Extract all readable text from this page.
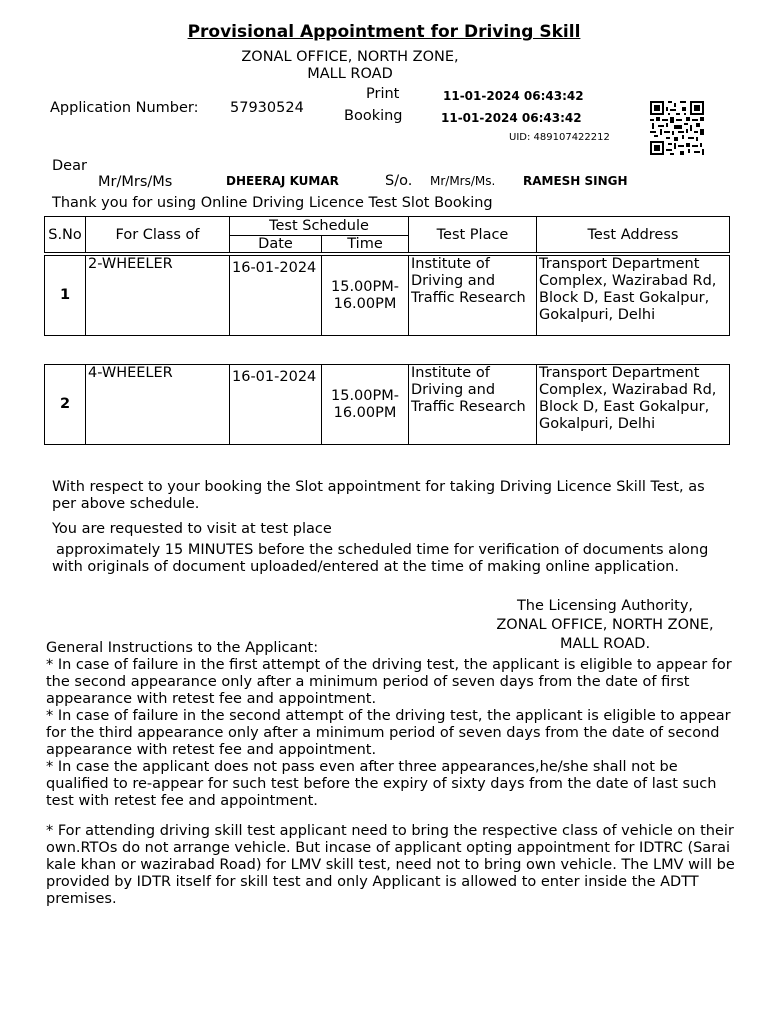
Provisional Appointment for Driving Skill
ZONAL OFFICE, NORTH ZONE,
MALL ROAD
Application Number: 57930524
Print	11-01-2024 06:43:42
Booking	11-01-2024 06:43:42
UID: 489107422212
Dear
Mr/Mrs/Ms	DHEERAJ KUMAR	S/o. Mr/Mrs/Ms. RAMESH SINGH
Thank you for using Online Driving Licence Test Slot Booking
S.No	For Class of	Test Schedule		Test Place	Test Address
		Date	Time		
1	2-WHEELER	16-01-2024	15.00PM-16.00PM	Institute of Driving and Traffic Research	Transport Department Complex, Wazirabad Rd, Block D, East Gokalpur, Gokalpuri, Delhi
2	4-WHEELER	16-01-2024	15.00PM-16.00PM	Institute of Driving and Traffic Research	Transport Department Complex, Wazirabad Rd, Block D, East Gokalpur, Gokalpuri, Delhi
With respect to your booking the Slot appointment for taking Driving Licence Skill Test, as per above schedule.
You are requested to visit at test place
approximately 15 MINUTES before the scheduled time for verification of documents along with originals of document uploaded/entered at the time of making online application.
The Licensing Authority,
ZONAL OFFICE, NORTH ZONE,
MALL ROAD.
General Instructions to the Applicant:
* In case of failure in the first attempt of the driving test, the applicant is eligible to appear for the second appearance only after a minimum period of seven days from the date of first appearance with retest fee and appointment.
* In case of failure in the second attempt of the driving test, the applicant is eligible to appear for the third appearance only after a minimum period of seven days from the date of second appearance with retest fee and appointment.
* In case the applicant does not pass even after three appearances,he/she shall not be qualified to re-appear for such test before the expiry of sixty days from the date of last such test with retest fee and appointment.
* For attending driving skill test applicant need to bring the respective class of vehicle on their own.RTOs do not arrange vehicle. But incase of applicant opting appointment for IDTRC (Sarai kale khan or wazirabad Road) for LMV skill test, need not to bring own vehicle. The LMV will be provided by IDTR itself for skill test and only Applicant is allowed to enter inside the ADTT premises.
